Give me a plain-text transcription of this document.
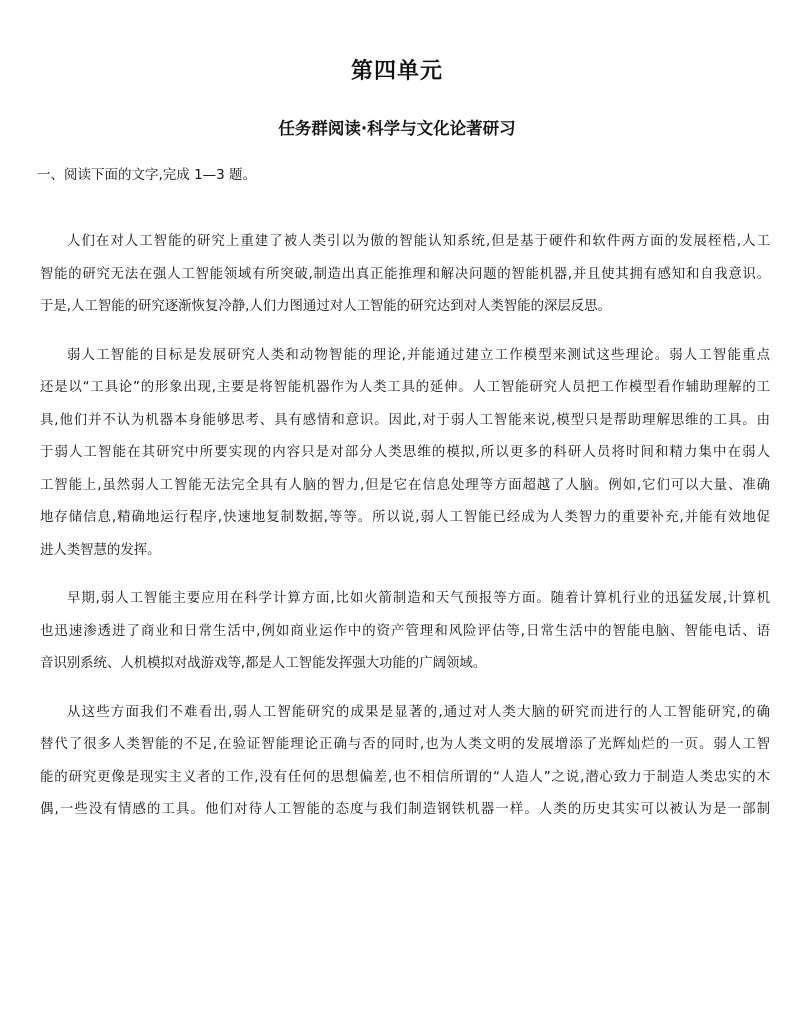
第四单元
任务群阅读·科学与文化论著研习
一、阅读下面的文字,完成 1—3 题。
人们在对人工智能的研究上重建了被人类引以为傲的智能认知系统,但是基于硬件和软件两方面的发展桎梏,人工
智能的研究无法在强人工智能领域有所突破,制造出真正能推理和解决问题的智能机器,并且使其拥有感知和自我意识。
于是,人工智能的研究逐渐恢复冷静,人们力图通过对人工智能的研究达到对人类智能的深层反思。
弱人工智能的目标是发展研究人类和动物智能的理论,并能通过建立工作模型来测试这些理论。弱人工智能重点
还是以“工具论”的形象出现,主要是将智能机器作为人类工具的延伸。人工智能研究人员把工作模型看作辅助理解的工
具,他们并不认为机器本身能够思考、具有感情和意识。因此,对于弱人工智能来说,模型只是帮助理解思维的工具。由
于弱人工智能在其研究中所要实现的内容只是对部分人类思维的模拟,所以更多的科研人员将时间和精力集中在弱人
工智能上,虽然弱人工智能无法完全具有人脑的智力,但是它在信息处理等方面超越了人脑。例如,它们可以大量、准确
地存储信息,精确地运行程序,快速地复制数据,等等。所以说,弱人工智能已经成为人类智力的重要补充,并能有效地促
进人类智慧的发挥。
早期,弱人工智能主要应用在科学计算方面,比如火箭制造和天气预报等方面。随着计算机行业的迅猛发展,计算机
也迅速渗透进了商业和日常生活中,例如商业运作中的资产管理和风险评估等,日常生活中的智能电脑、智能电话、语
音识别系统、人机模拟对战游戏等,都是人工智能发挥强大功能的广阔领域。
从这些方面我们不难看出,弱人工智能研究的成果是显著的,通过对人类大脑的研究而进行的人工智能研究,的确
替代了很多人类智能的不足,在验证智能理论正确与否的同时,也为人类文明的发展增添了光辉灿烂的一页。弱人工智
能的研究更像是现实主义者的工作,没有任何的思想偏差,也不相信所谓的“人造人”之说,潜心致力于制造人类忠实的木
偶,一些没有情感的工具。他们对待人工智能的态度与我们制造钢铁机器一样。人类的历史其实可以被认为是一部制
